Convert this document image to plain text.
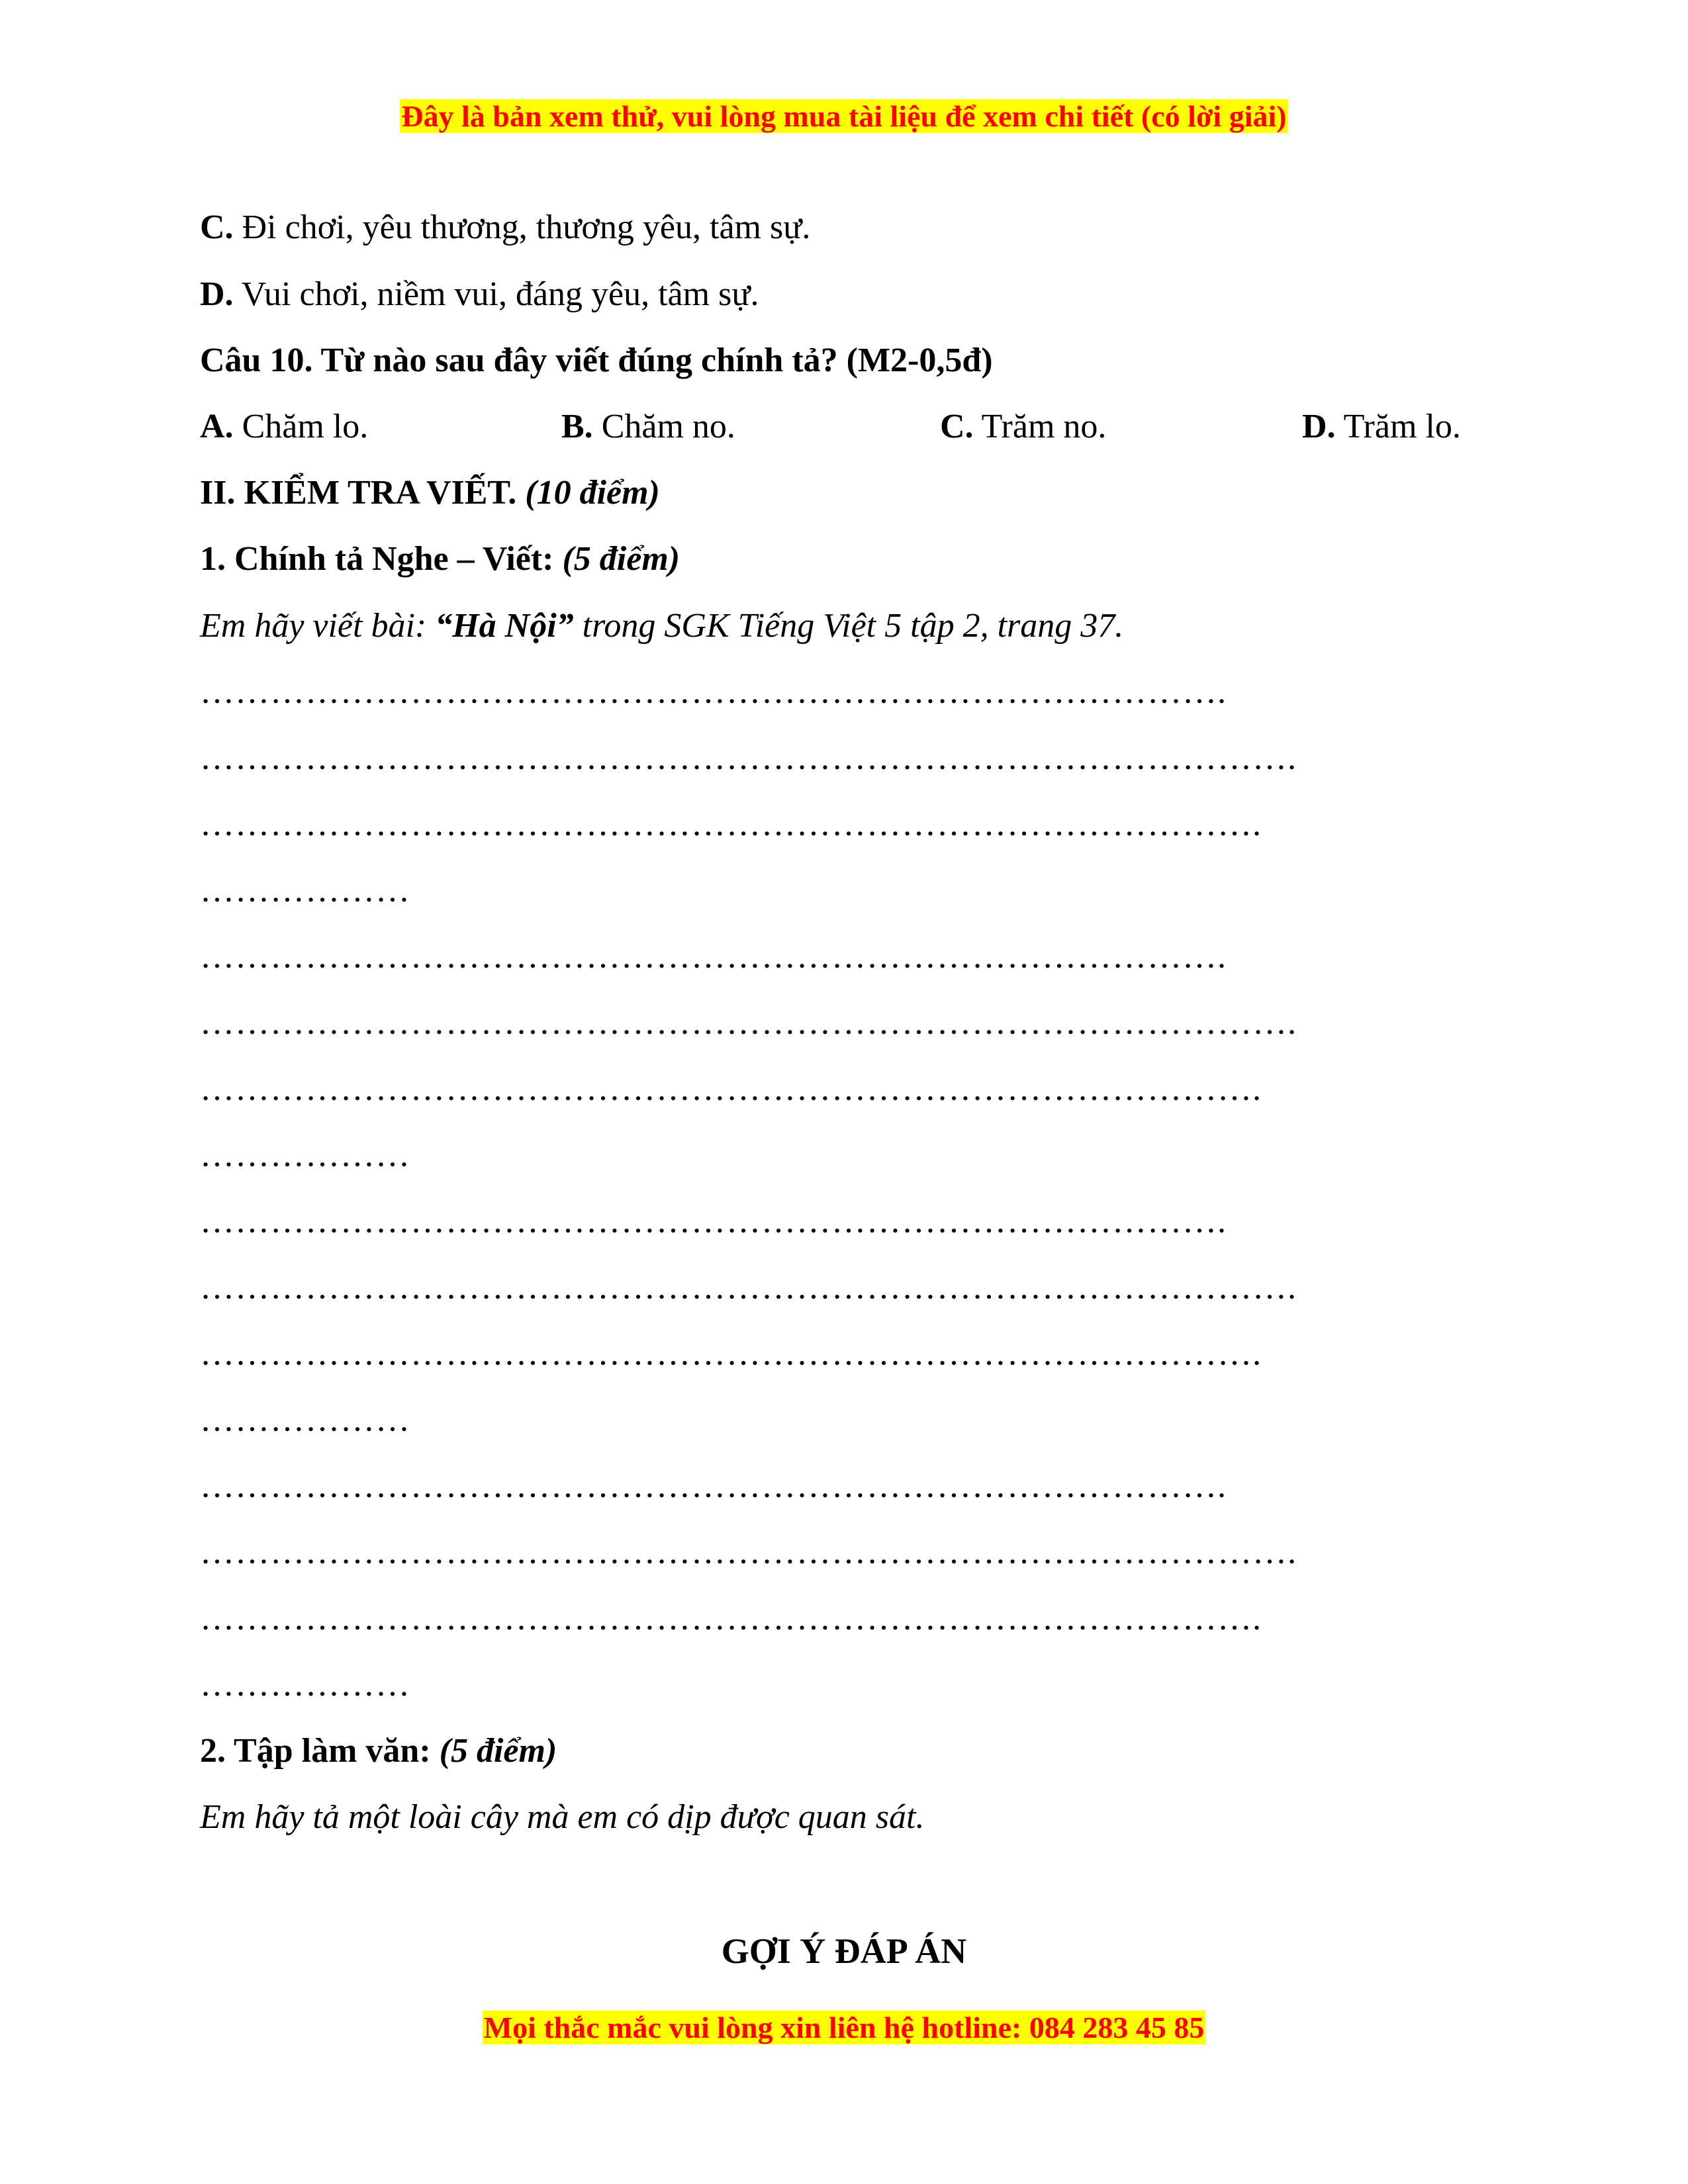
Đây là bản xem thử, vui lòng mua tài liệu để xem chi tiết (có lời giải)
C. Đi chơi, yêu thương, thương yêu, tâm sự.
D. Vui chơi, niềm vui, đáng yêu, tâm sự.
Câu 10. Từ nào sau đây viết đúng chính tả? (M2-0,5đ)
A. Chăm lo.	B. Chăm no.	C. Trăm no.	D. Trăm lo.
II. KIỂM TRA VIẾT. (10 điểm)
1. Chính tả Nghe – Viết: (5 điểm)
Em hãy viết bài: “Hà Nội” trong SGK Tiếng Việt 5 tập 2, trang 37.
…………………………………………………………………………….
………………………………………………………………………………….
……………………………………………………………………………….
………………
…………………………………………………………………………….
………………………………………………………………………………….
……………………………………………………………………………….
………………
…………………………………………………………………………….
………………………………………………………………………………….
……………………………………………………………………………….
………………
…………………………………………………………………………….
………………………………………………………………………………….
……………………………………………………………………………….
………………
2. Tập làm văn: (5 điểm)
Em hãy tả một loài cây mà em có dịp được quan sát.
GỢI Ý ĐÁP ÁN
Mọi thắc mắc vui lòng xin liên hệ hotline: 084 283 45 85
